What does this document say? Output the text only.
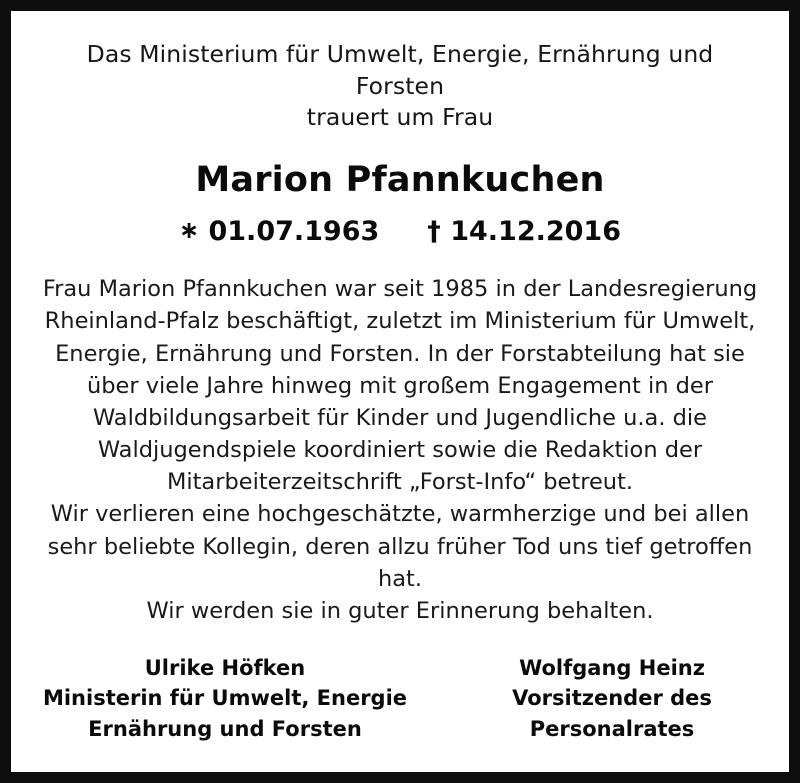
Das Ministerium für Umwelt, Energie, Ernährung und Forsten
trauert um Frau
Marion Pfannkuchen
∗ 01.07.1963 † 14.12.2016

Frau Marion Pfannkuchen war seit 1985 in der Landesregierung Rheinland-Pfalz beschäftigt, zuletzt im Ministerium für Umwelt, Energie, Ernährung und Forsten. In der Forstabteilung hat sie über viele Jahre hinweg mit großem Engagement in der Waldbildungsarbeit für Kinder und Jugendliche u.a. die Waldjugendspiele koordiniert sowie die Redaktion der Mitarbeiterzeitschrift „Forst-Info“ betreut.

Wir verlieren eine hochgeschätzte, warmherzige und bei allen sehr beliebte Kollegin, deren allzu früher Tod uns tief getroffen hat.

Wir werden sie in guter Erinnerung behalten.

Ulrike Höfken
Ministerin für Umwelt, Energie
Ernährung und Forsten
Wolfgang Heinz
Vorsitzender des
Personalrates
